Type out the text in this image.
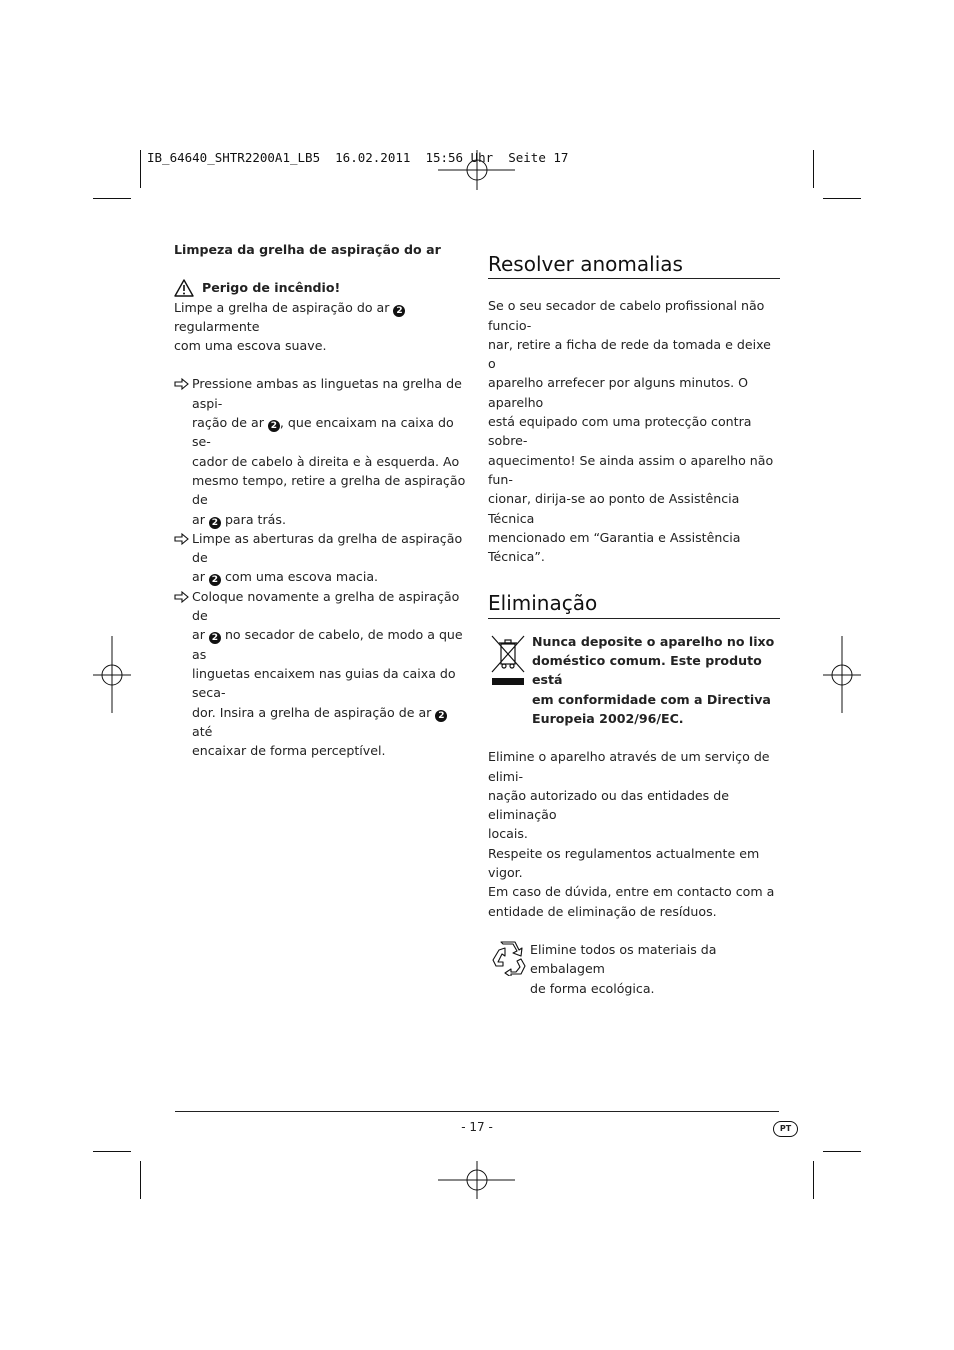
IB_64640_SHTR2200A1_LB5  16.02.2011  15:56 Uhr  Seite 17

Limpeza da grelha de aspiração do ar

Perigo de incêndio!

Limpe a grelha de aspiração do ar 2 regularmente
com uma escova suave.

Pressione ambas as linguetas na grelha de aspi-
ração de ar 2 , que encaixam na caixa do se-
cador de cabelo à direita e à esquerda. Ao
mesmo tempo, retire a grelha de aspiração de
ar 2 para trás.
Limpe as aberturas da grelha de aspiração de
ar 2 com uma escova macia.
Coloque novamente a grelha de aspiração de
ar 2 no secador de cabelo, de modo a que as
linguetas encaixem nas guias da caixa do seca-
dor. Insira a grelha de aspiração de ar 2 até
encaixar de forma perceptível.
Resolver anomalias

Se o seu secador de cabelo profissional não funcio-
nar, retire a ficha de rede da tomada e deixe o
aparelho arrefecer por alguns minutos. O aparelho
está equipado com uma protecção contra sobre-
aquecimento! Se ainda assim o aparelho não fun-
cionar, dirija-se ao ponto de Assistência Técnica
mencionado em “Garantia e Assistência Técnica”.

Eliminação

Nunca deposite o aparelho no lixo
doméstico comum. Este produto está
em conformidade com a Directiva
Europeia 2002/96/EC.

Elimine o aparelho através de um serviço de elimi-
nação autorizado ou das entidades de eliminação
locais.
Respeite os regulamentos actualmente em vigor.
Em caso de dúvida, entre em contacto com a
entidade de eliminação de resíduos.

Elimine todos os materiais da embalagem
de forma ecológica.

- 17 -	PT
